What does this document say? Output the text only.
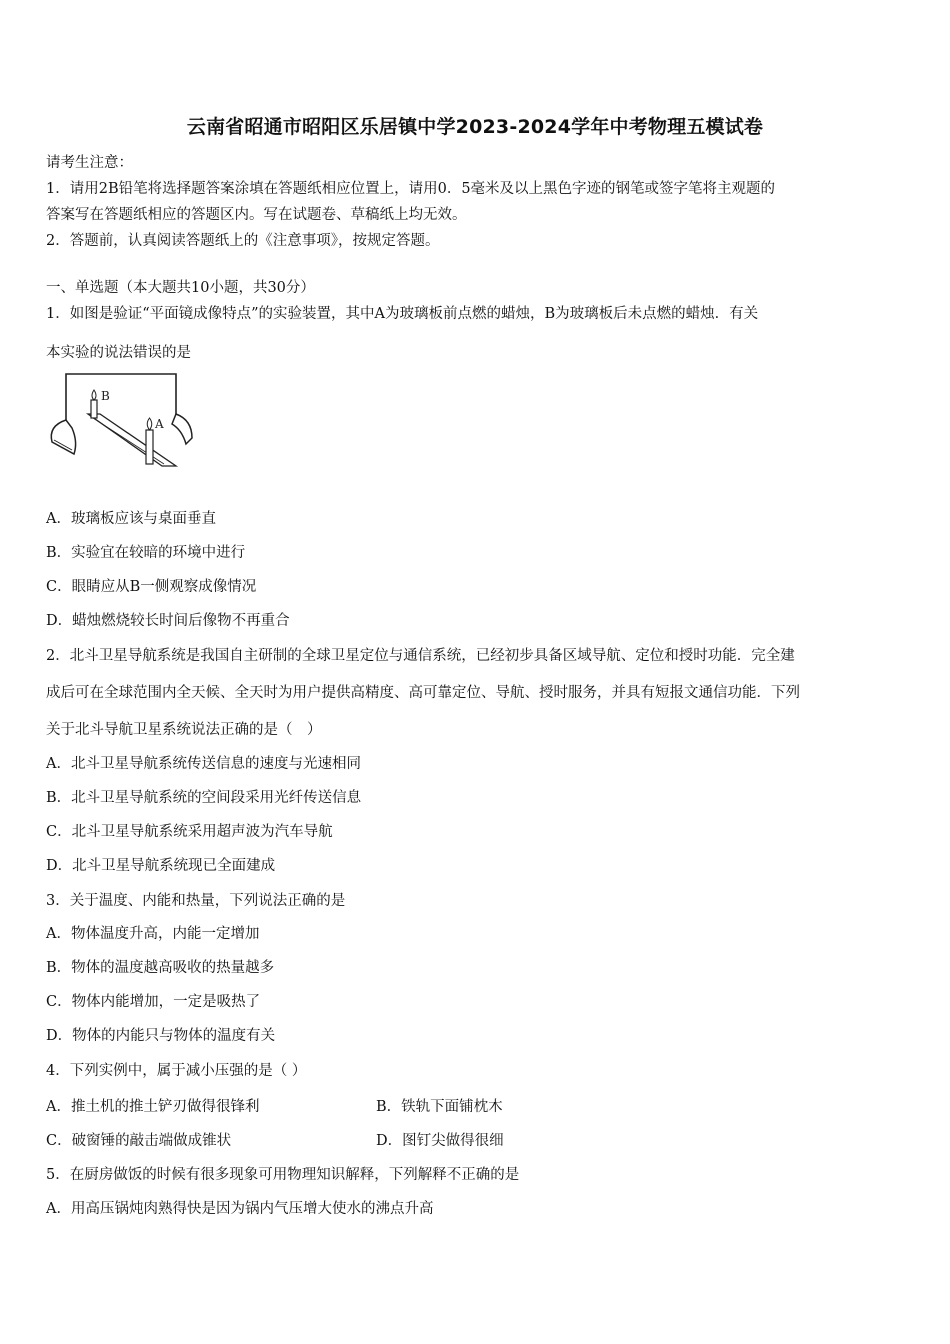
云南省昭通市昭阳区乐居镇中学2023-2024学年中考物理五模试卷
请考生注意：
1．请用2B铅笔将选择题答案涂填在答题纸相应位置上，请用0．5毫米及以上黑色字迹的钢笔或签字笔将主观题的
答案写在答题纸相应的答题区内。写在试题卷、草稿纸上均无效。
2．答题前，认真阅读答题纸上的《注意事项》，按规定答题。
一、单选题（本大题共10小题，共30分）
1．如图是验证“平面镜成像特点”的实验装置，其中A为玻璃板前点燃的蜡烛，B为玻璃板后未点燃的蜡烛．有关
本实验的说法错误的是
B
A
A．玻璃板应该与桌面垂直
B．实验宜在较暗的环境中进行
C．眼睛应从B一侧观察成像情况
D．蜡烛燃烧较长时间后像物不再重合
2．北斗卫星导航系统是我国自主研制的全球卫星定位与通信系统，已经初步具备区域导航、定位和授时功能．完全建
成后可在全球范围内全天候、全天时为用户提供高精度、高可靠定位、导航、授时服务，并具有短报文通信功能．下列
关于北斗导航卫星系统说法正确的是（　）
A．北斗卫星导航系统传送信息的速度与光速相同
B．北斗卫星导航系统的空间段采用光纤传送信息
C．北斗卫星导航系统采用超声波为汽车导航
D．北斗卫星导航系统现已全面建成
3．关于温度、内能和热量，下列说法正确的是
A．物体温度升高，内能一定增加
B．物体的温度越高吸收的热量越多
C．物体内能增加，一定是吸热了
D．物体的内能只与物体的温度有关
4．下列实例中，属于减小压强的是（ ）
A．推土机的推土铲刃做得很锋利	B．铁轨下面铺枕木
C．破窗锤的敲击端做成锥状	D．图钉尖做得很细
5．在厨房做饭的时候有很多现象可用物理知识解释，下列解释不正确的是
A．用高压锅炖肉熟得快是因为锅内气压增大使水的沸点升高
